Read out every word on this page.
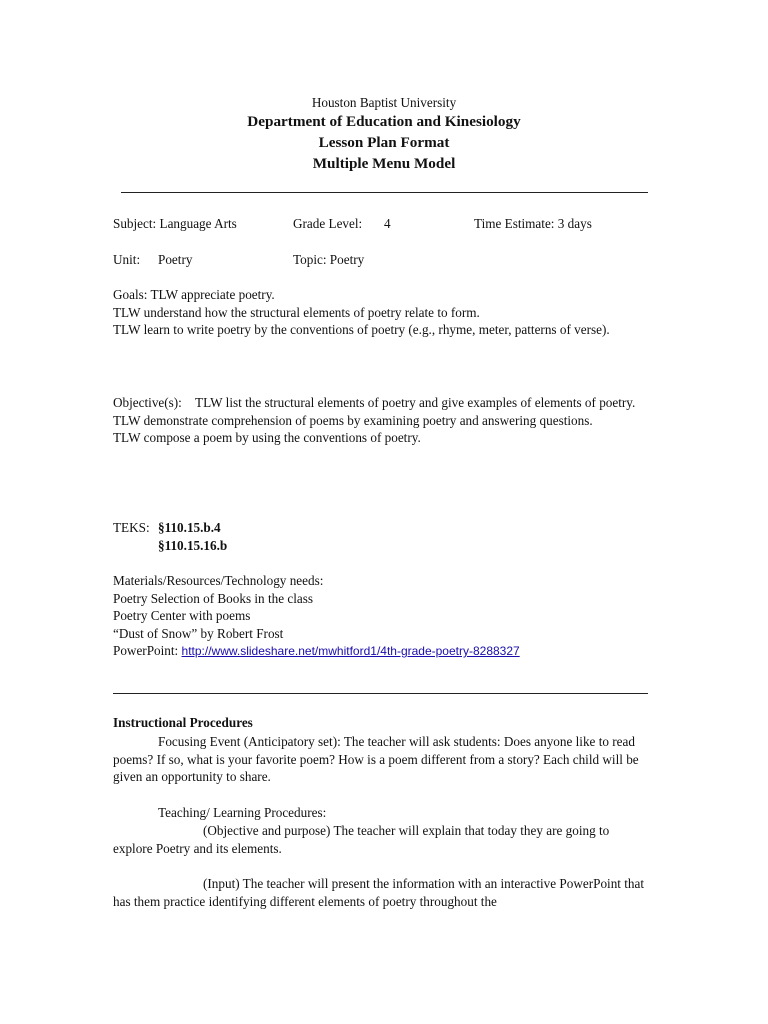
Houston Baptist University
Department of Education and Kinesiology
Lesson Plan Format
Multiple Menu Model
Subject: Language Arts	Grade Level: 4	Time Estimate: 3 days
Unit: Poetry	Topic: Poetry
Goals: TLW appreciate poetry.
TLW understand how the structural elements of poetry relate to form.
TLW learn to write poetry by the conventions of poetry (e.g., rhyme, meter, patterns of verse).
Objective(s): TLW list the structural elements of poetry and give examples of elements of poetry.
TLW demonstrate comprehension of poems by examining poetry and answering questions.
TLW compose a poem by using the conventions of poetry.
TEKS: §110.15.b.4
§110.15.16.b
Materials/Resources/Technology needs:
Poetry Selection of Books in the class
Poetry Center with poems
“Dust of Snow” by Robert Frost
PowerPoint: http://www.slideshare.net/mwhitford1/4th-grade-poetry-8288327
Instructional Procedures
Focusing Event (Anticipatory set): The teacher will ask students: Does anyone like to read poems? If so, what is your favorite poem? How is a poem different from a story? Each child will be given an opportunity to share.
Teaching/ Learning Procedures:
(Objective and purpose) The teacher will explain that today they are going to explore Poetry and its elements.
(Input) The teacher will present the information with an interactive PowerPoint that has them practice identifying different elements of poetry throughout the
